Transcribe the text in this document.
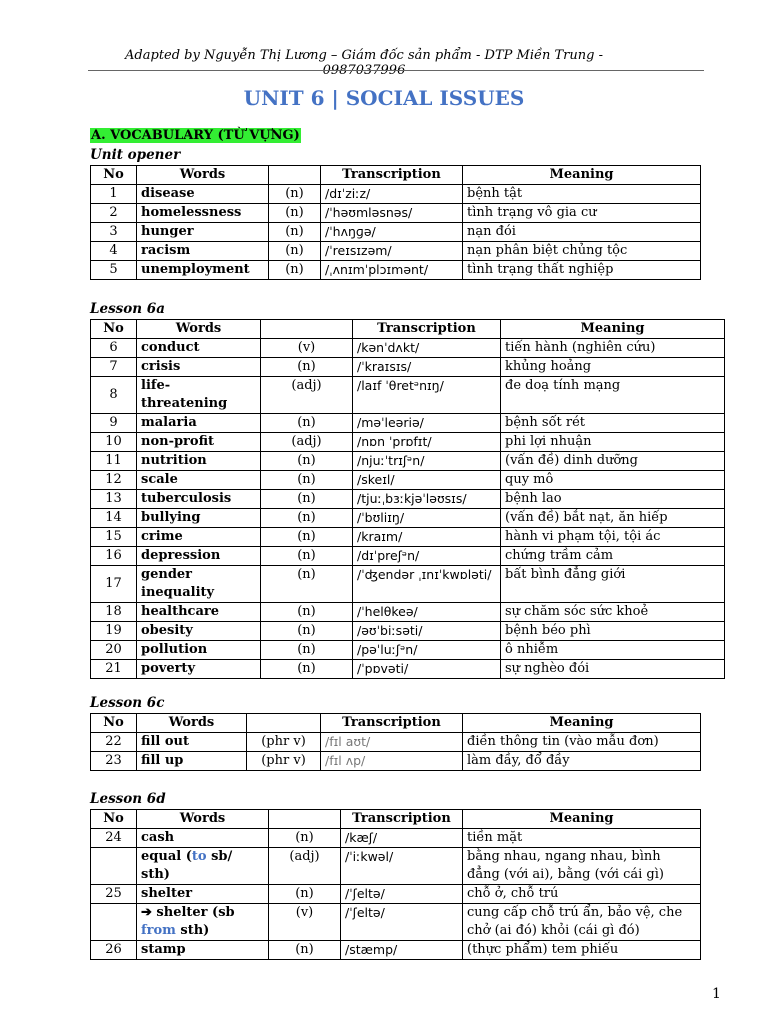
Adapted by Nguyễn Thị Lương – Giám đốc sản phẩm - DTP Miền Trung - 0987037996
UNIT 6 | SOCIAL ISSUES
A. VOCABULARY (TỪ VỰNG)
Unit opener
No	Words		Transcription	Meaning
1	disease	(n)	/dɪˈziːz/	bệnh tật
2	homelessness	(n)	/ˈhəʊmləsnəs/	tình trạng vô gia cư
3	hunger	(n)	/ˈhʌŋɡə/	nạn đói
4	racism	(n)	/ˈreɪsɪzəm/	nạn phân biệt chủng tộc
5	unemployment	(n)	/ˌʌnɪmˈplɔɪmənt/	tình trạng thất nghiệp
Lesson 6a
No	Words		Transcription	Meaning
6	conduct	(v)	/kənˈdʌkt/	tiến hành (nghiên cứu)
7	crisis	(n)	/ˈkraɪsɪs/	khủng hoảng
8	life-threatening	(adj)	/laɪf ˈθretᵊnɪŋ/	đe doạ tính mạng
9	malaria	(n)	/məˈleəriə/	bệnh sốt rét
10	non-profit	(adj)	/nɒn ˈprɒfɪt/	phi lợi nhuận
11	nutrition	(n)	/njuːˈtrɪʃᵊn/	(vấn đề) dinh dưỡng
12	scale	(n)	/skeɪl/	quy mô
13	tuberculosis	(n)	/tjuːˌbɜːkjəˈləʊsɪs/	bệnh lao
14	bullying	(n)	/ˈbʊliɪŋ/	(vấn đề) bắt nạt, ăn hiếp
15	crime	(n)	/kraɪm/	hành vi phạm tội, tội ác
16	depression	(n)	/dɪˈpreʃᵊn/	chứng trầm cảm
17	gender inequality	(n)	/ˈʤendər ˌɪnɪˈkwɒləti/	bất bình đẳng giới
18	healthcare	(n)	/ˈhelθkeə/	sự chăm sóc sức khoẻ
19	obesity	(n)	/əʊˈbiːsəti/	bệnh béo phì
20	pollution	(n)	/pəˈluːʃᵊn/	ô nhiễm
21	poverty	(n)	/ˈpɒvəti/	sự nghèo đói
Lesson 6c
No	Words		Transcription	Meaning
22	fill out	(phr v)	/fɪl aʊt/	điền thông tin (vào mẫu đơn)
23	fill up	(phr v)	/fɪl ʌp/	làm đầy, đổ đầy
Lesson 6d
No	Words		Transcription	Meaning
24	cash	(n)	/kæʃ/	tiền mặt
	equal (to sb/ sth)	(adj)	/ˈiːkwəl/	bằng nhau, ngang nhau, bình đẳng (với ai), bằng (với cái gì)
25	shelter	(n)	/ˈʃeltə/	chỗ ở, chỗ trú
	➔ shelter (sb from sth)	(v)	/ˈʃeltə/	cung cấp chỗ trú ẩn, bảo vệ, che chở (ai đó) khỏi (cái gì đó)
26	stamp	(n)	/stæmp/	(thực phẩm) tem phiếu
1
